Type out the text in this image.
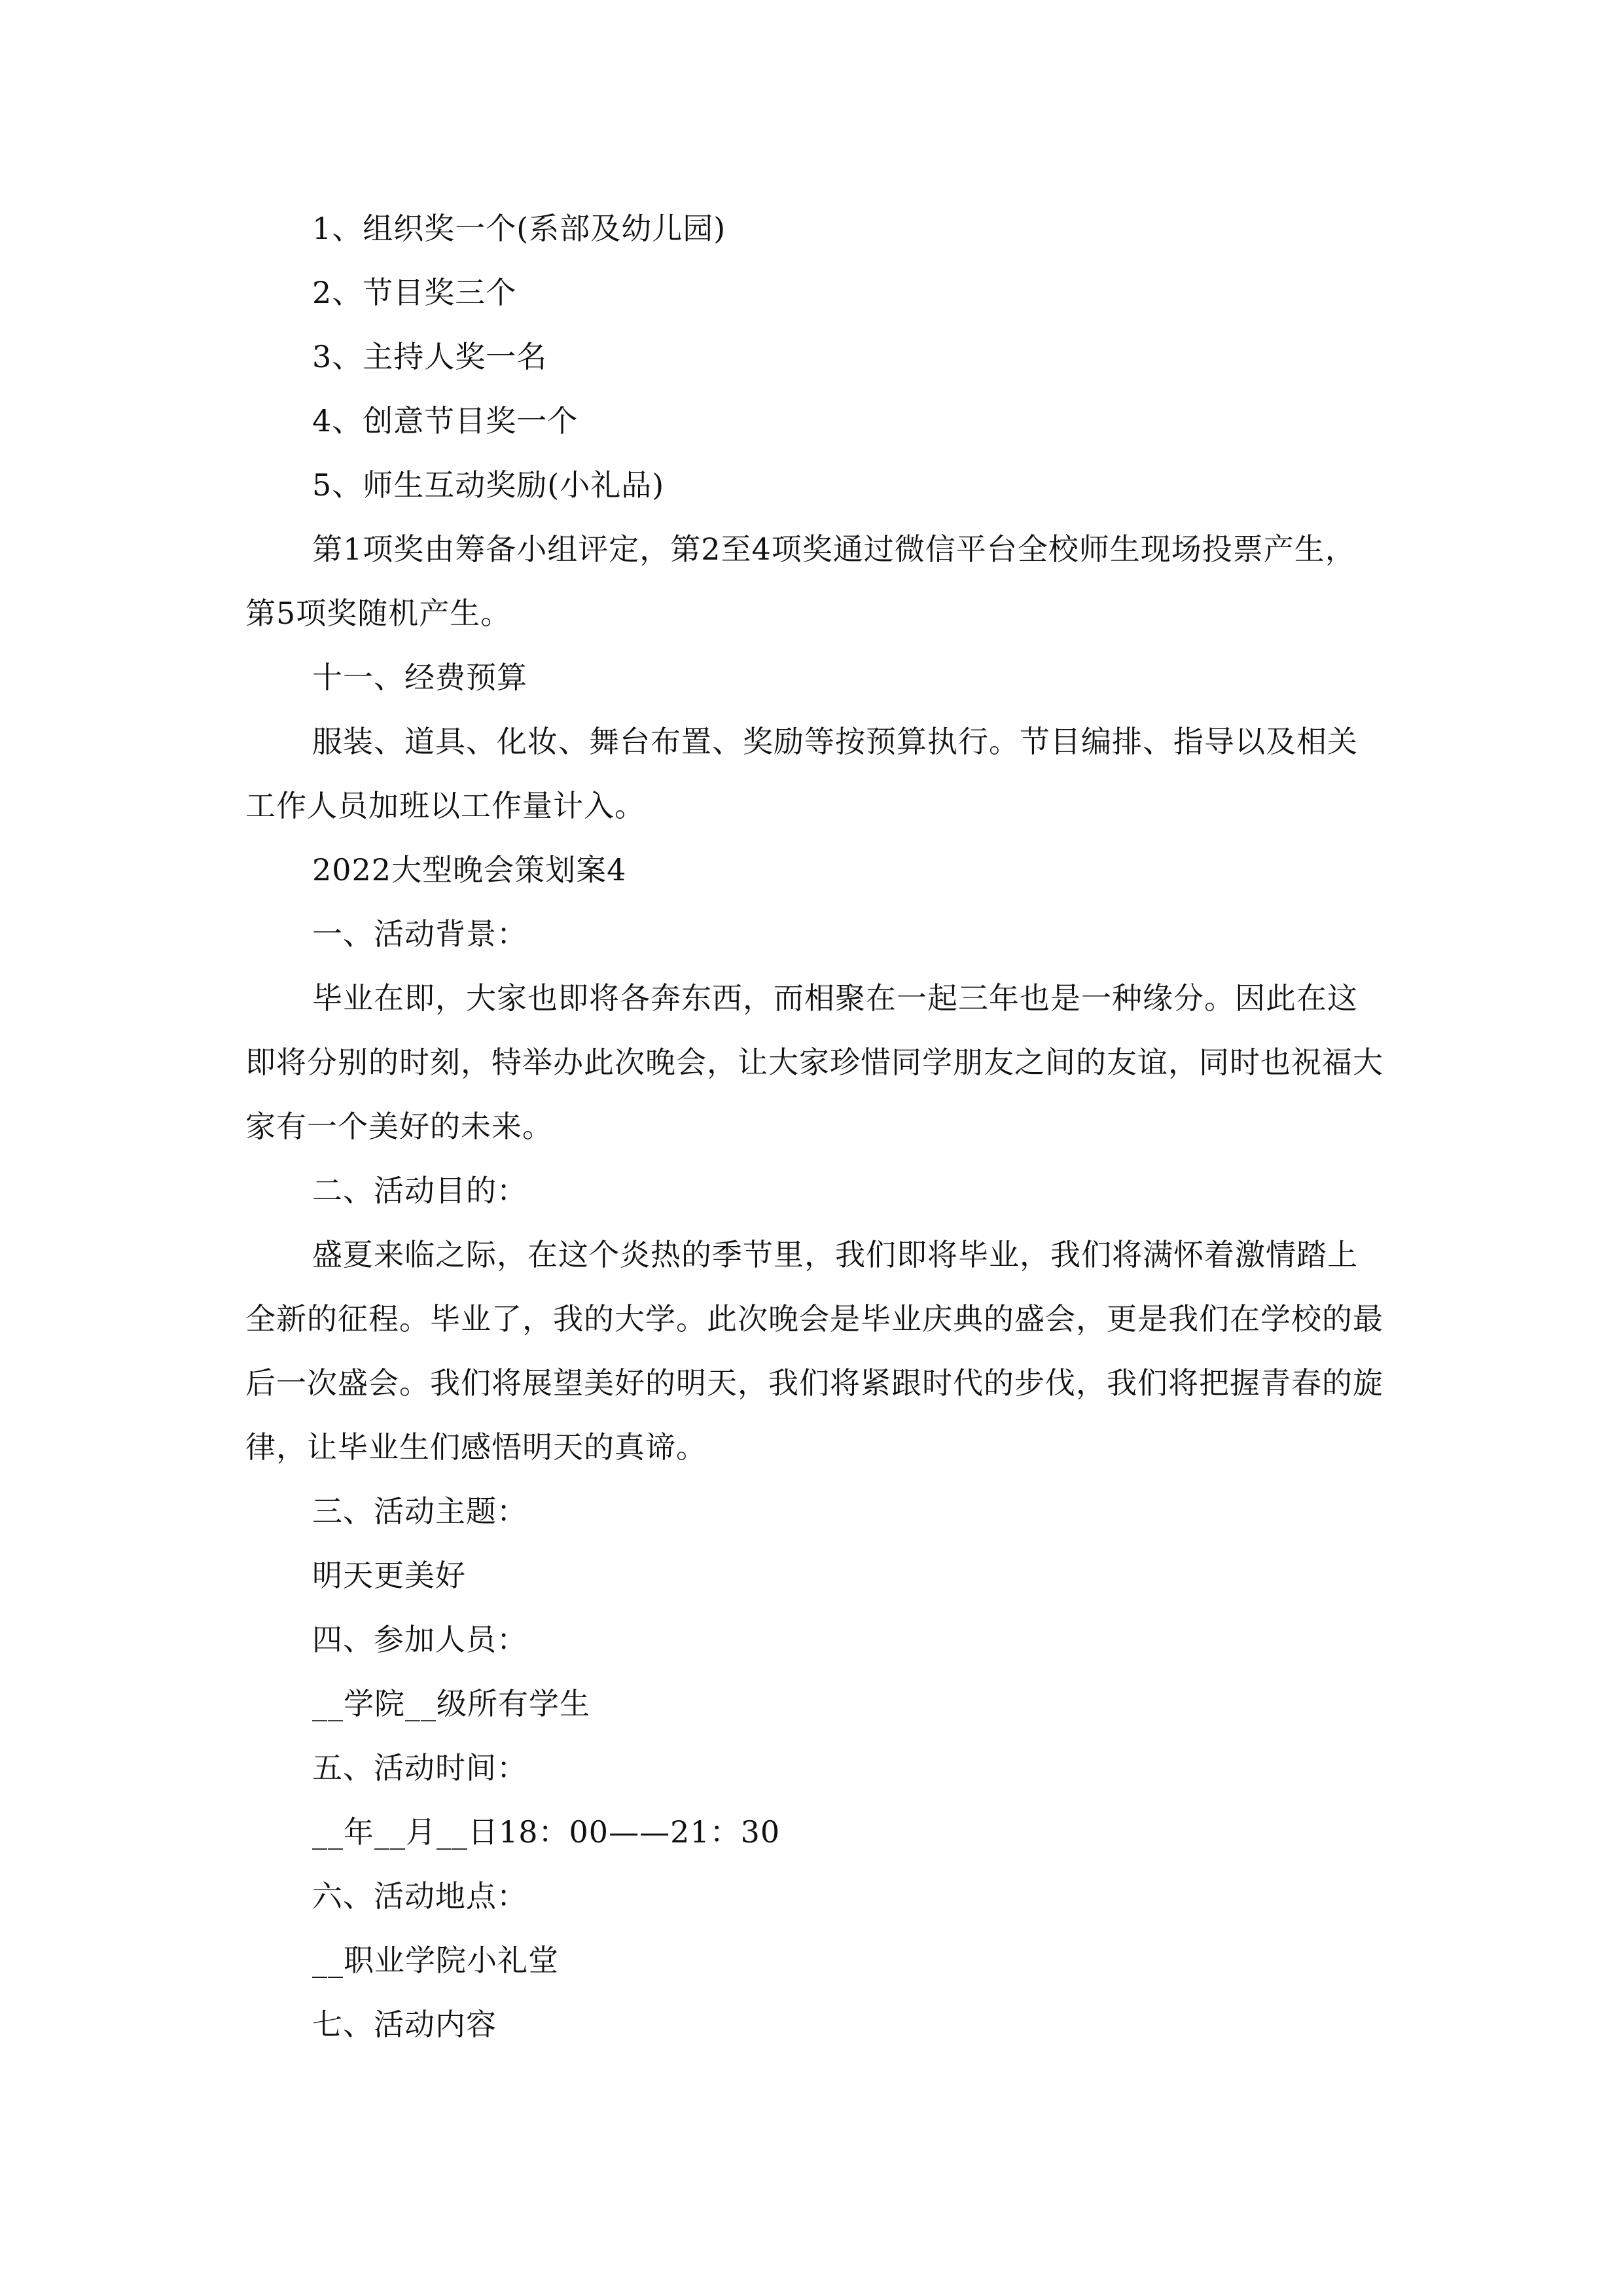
1、组织奖一个(系部及幼儿园)

2、节目奖三个

3、主持人奖一名

4、创意节目奖一个

5、师生互动奖励(小礼品)

第1项奖由筹备小组评定，第2至4项奖通过微信平台全校师生现场投票产生，第5项奖随机产生。

十一、经费预算

服装、道具、化妆、舞台布置、奖励等按预算执行。节目编排、指导以及相关工作人员加班以工作量计入。

2022大型晚会策划案4

一、活动背景：

毕业在即，大家也即将各奔东西，而相聚在一起三年也是一种缘分。因此在这即将分别的时刻，特举办此次晚会，让大家珍惜同学朋友之间的友谊，同时也祝福大家有一个美好的未来。

二、活动目的：

盛夏来临之际，在这个炎热的季节里，我们即将毕业，我们将满怀着激情踏上全新的征程。毕业了，我的大学。此次晚会是毕业庆典的盛会，更是我们在学校的最后一次盛会。我们将展望美好的明天，我们将紧跟时代的步伐，我们将把握青春的旋律，让毕业生们感悟明天的真谛。

三、活动主题：

明天更美好

四、参加人员：

__学院__级所有学生

五、活动时间：

__年__月__日18：00——21：30

六、活动地点：

__职业学院小礼堂

七、活动内容
